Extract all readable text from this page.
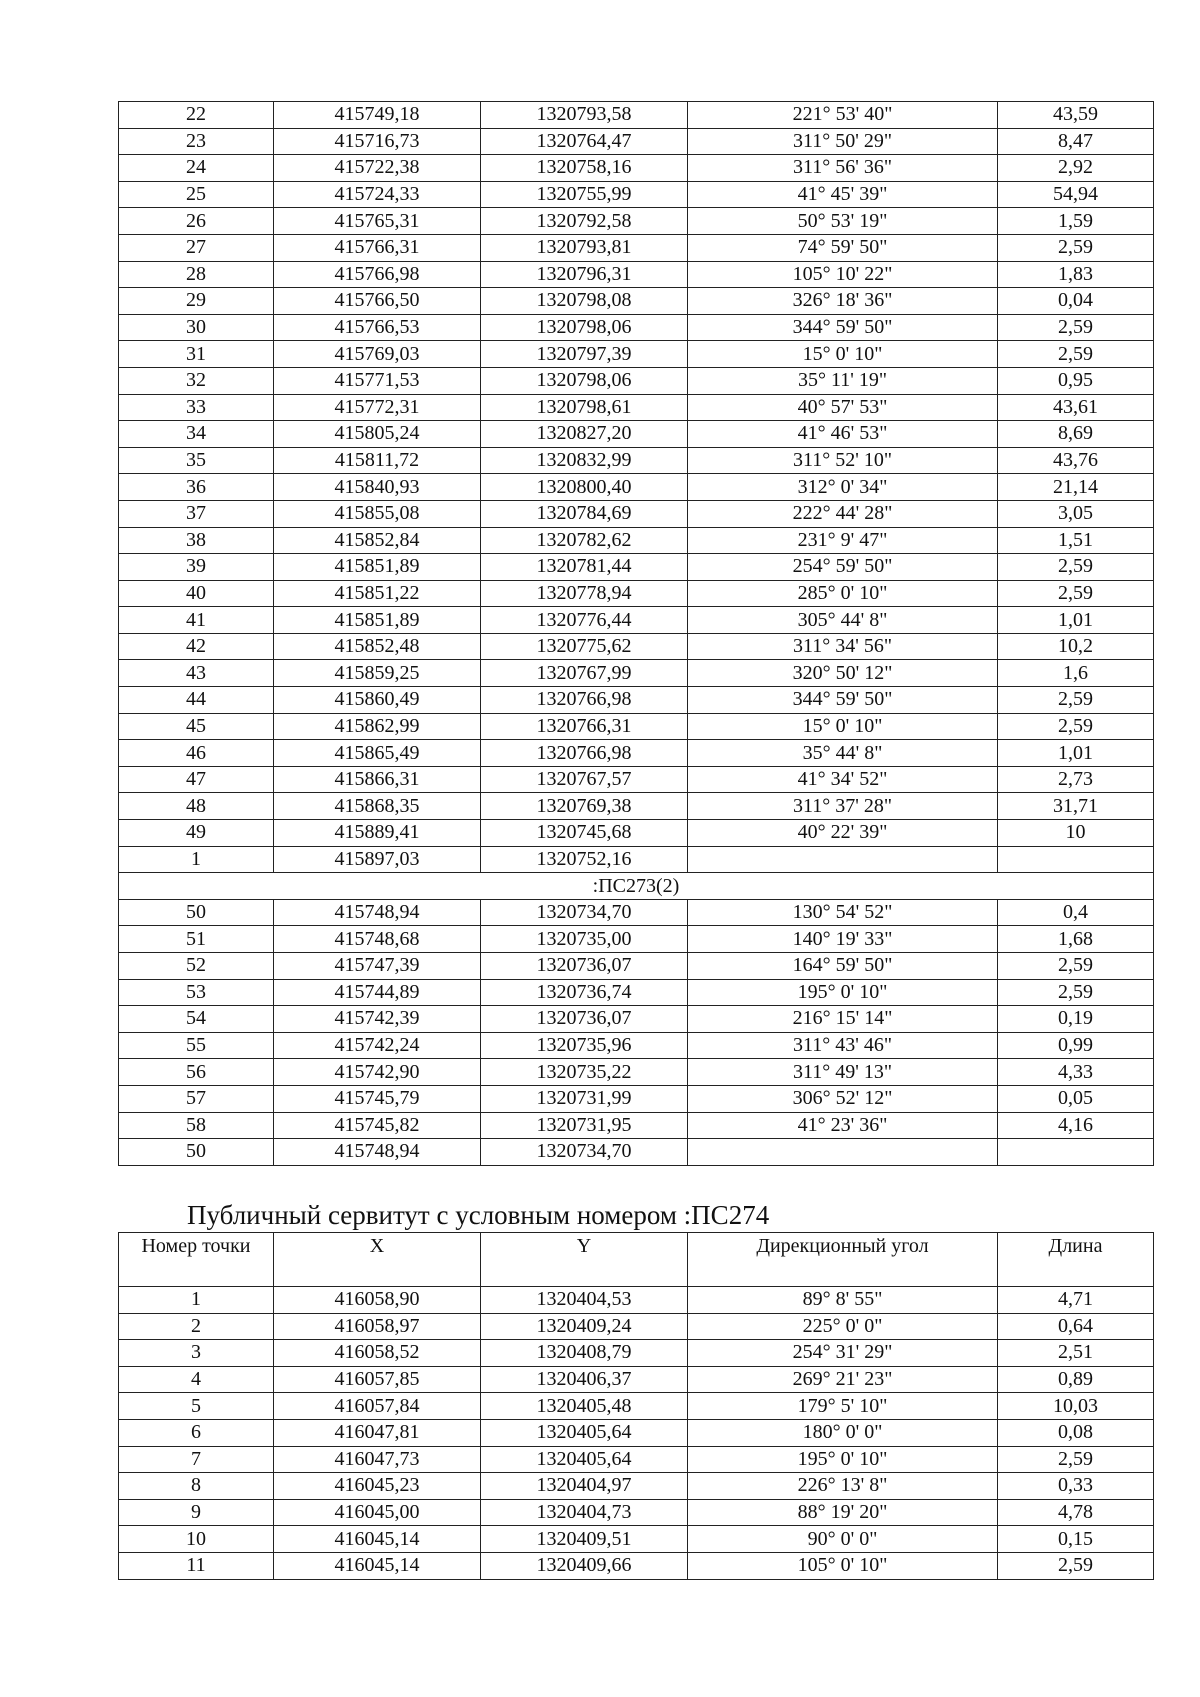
22	415749,18	1320793,58	221° 53' 40"	43,59
23	415716,73	1320764,47	311° 50' 29"	8,47
24	415722,38	1320758,16	311° 56' 36"	2,92
25	415724,33	1320755,99	41° 45' 39"	54,94
26	415765,31	1320792,58	50° 53' 19"	1,59
27	415766,31	1320793,81	74° 59' 50"	2,59
28	415766,98	1320796,31	105° 10' 22"	1,83
29	415766,50	1320798,08	326° 18' 36"	0,04
30	415766,53	1320798,06	344° 59' 50"	2,59
31	415769,03	1320797,39	15° 0' 10"	2,59
32	415771,53	1320798,06	35° 11' 19"	0,95
33	415772,31	1320798,61	40° 57' 53"	43,61
34	415805,24	1320827,20	41° 46' 53"	8,69
35	415811,72	1320832,99	311° 52' 10"	43,76
36	415840,93	1320800,40	312° 0' 34"	21,14
37	415855,08	1320784,69	222° 44' 28"	3,05
38	415852,84	1320782,62	231° 9' 47"	1,51
39	415851,89	1320781,44	254° 59' 50"	2,59
40	415851,22	1320778,94	285° 0' 10"	2,59
41	415851,89	1320776,44	305° 44' 8"	1,01
42	415852,48	1320775,62	311° 34' 56"	10,2
43	415859,25	1320767,99	320° 50' 12"	1,6
44	415860,49	1320766,98	344° 59' 50"	2,59
45	415862,99	1320766,31	15° 0' 10"	2,59
46	415865,49	1320766,98	35° 44' 8"	1,01
47	415866,31	1320767,57	41° 34' 52"	2,73
48	415868,35	1320769,38	311° 37' 28"	31,71
49	415889,41	1320745,68	40° 22' 39"	10
1	415897,03	1320752,16		
:ПС273(2)				
50	415748,94	1320734,70	130° 54' 52"	0,4
51	415748,68	1320735,00	140° 19' 33"	1,68
52	415747,39	1320736,07	164° 59' 50"	2,59
53	415744,89	1320736,74	195° 0' 10"	2,59
54	415742,39	1320736,07	216° 15' 14"	0,19
55	415742,24	1320735,96	311° 43' 46"	0,99
56	415742,90	1320735,22	311° 49' 13"	4,33
57	415745,79	1320731,99	306° 52' 12"	0,05
58	415745,82	1320731,95	41° 23' 36"	4,16
50	415748,94	1320734,70		
Публичный сервитут с условным номером :ПС274
Номер точки	X	Y	Дирекционный угол	Длина
1	416058,90	1320404,53	89° 8' 55"	4,71
2	416058,97	1320409,24	225° 0' 0"	0,64
3	416058,52	1320408,79	254° 31' 29"	2,51
4	416057,85	1320406,37	269° 21' 23"	0,89
5	416057,84	1320405,48	179° 5' 10"	10,03
6	416047,81	1320405,64	180° 0' 0"	0,08
7	416047,73	1320405,64	195° 0' 10"	2,59
8	416045,23	1320404,97	226° 13' 8"	0,33
9	416045,00	1320404,73	88° 19' 20"	4,78
10	416045,14	1320409,51	90° 0' 0"	0,15
11	416045,14	1320409,66	105° 0' 10"	2,59
